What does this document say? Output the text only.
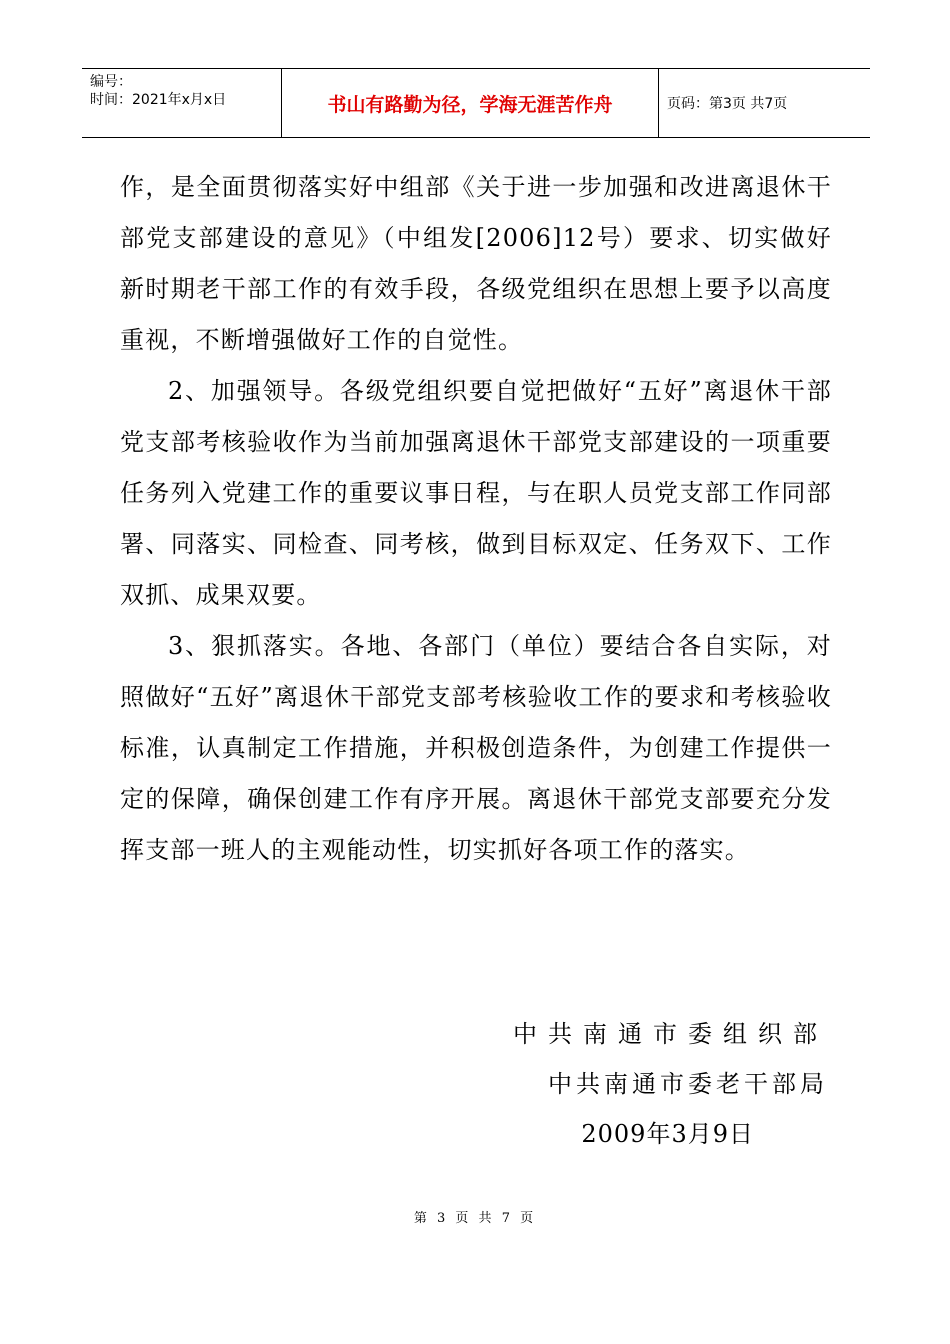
编号：
时间：2021年x月x日	书山有路勤为径，学海无涯苦作舟	页码：第3页 共7页

作，是全面贯彻落实好中组部《关于进一步加强和改进离退休干部党支部建设的意见》（中组发[2006]12号）要求、切实做好新时期老干部工作的有效手段，各级党组织在思想上要予以高度重视，不断增强做好工作的自觉性。

2、加强领导。各级党组织要自觉把做好“五好”离退休干部党支部考核验收作为当前加强离退休干部党支部建设的一项重要任务列入党建工作的重要议事日程，与在职人员党支部工作同部署、同落实、同检查、同考核，做到目标双定、任务双下、工作双抓、成果双要。

3、狠抓落实。各地、各部门（单位）要结合各自实际，对照做好“五好”离退休干部党支部考核验收工作的要求和考核验收标准，认真制定工作措施，并积极创造条件，为创建工作提供一定的保障，确保创建工作有序开展。离退休干部党支部要充分发挥支部一班人的主观能动性，切实抓好各项工作的落实。

中共南通市委组织部
中共南通市委老干部局
2009年3月9日
第 3 页 共 7 页
